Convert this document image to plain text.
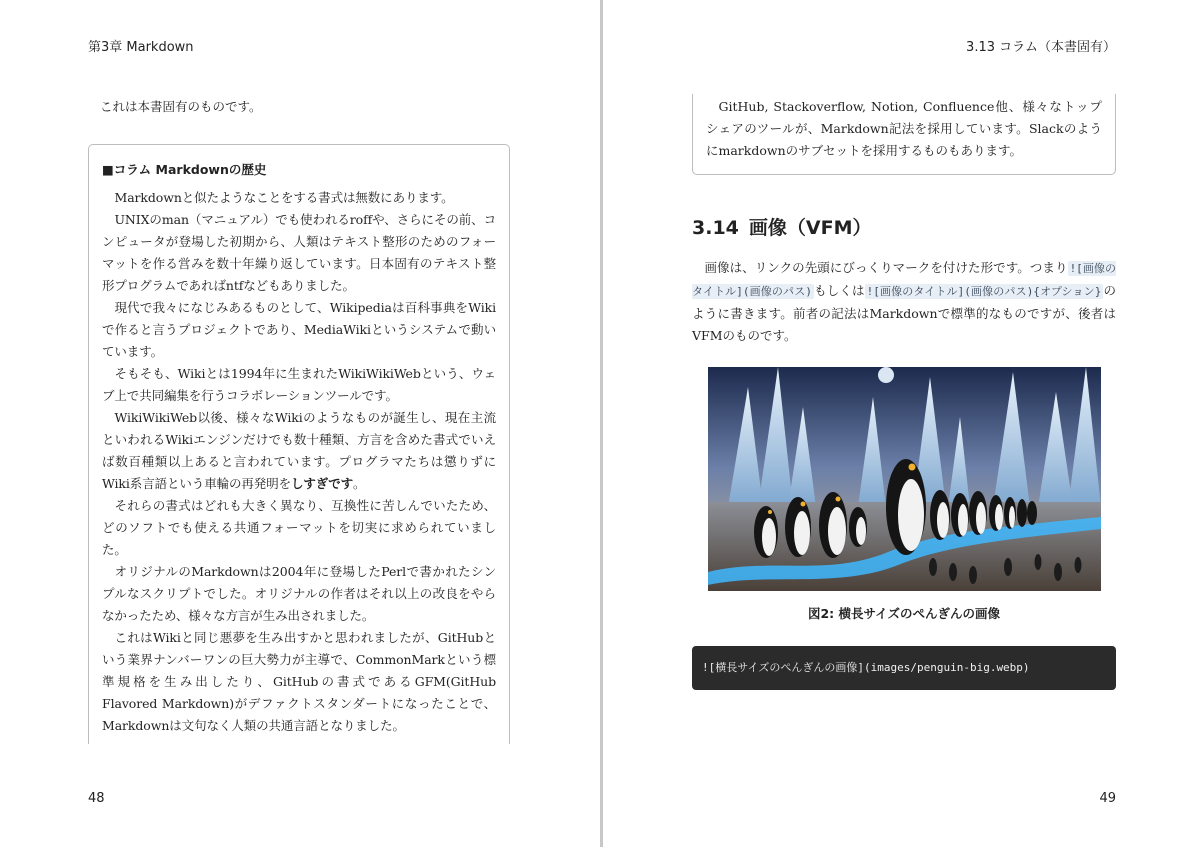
第3章 Markdown
これは本書固有のものです。
■コラム Markdownの歴史

Markdownと似たようなことをする書式は無数にあります。

UNIXのman（マニュアル）でも使われるroffや、さらにその前、コンピュータが登場した初期から、人類はテキスト整形のためのフォーマットを作る営みを数十年繰り返しています。日本固有のテキスト整形プログラムであればntfなどもありました。

現代で我々になじみあるものとして、Wikipediaは百科事典をWikiで作ると言うプロジェクトであり、MediaWikiというシステムで動いています。

そもそも、Wikiとは1994年に生まれたWikiWikiWebという、ウェブ上で共同編集を行うコラボレーションツールです。

WikiWikiWeb以後、様々なWikiのようなものが誕生し、現在主流といわれるWikiエンジンだけでも数十種類、方言を含めた書式でいえば数百種類以上あると言われています。プログラマたちは懲りずにWiki系言語という車輪の再発明をしすぎです。

それらの書式はどれも大きく異なり、互換性に苦しんでいたため、どのソフトでも使える共通フォーマットを切実に求められていました。

オリジナルのMarkdownは2004年に登場したPerlで書かれたシンプルなスクリプトでした。オリジナルの作者はそれ以上の改良をやらなかったため、様々な方言が生み出されました。

これはWikiと同じ悪夢を生み出すかと思われましたが、GitHubという業界ナンバーワンの巨大勢力が主導で、CommonMarkという標準規格を生み出したり、GitHubの書式であるGFM(GitHub Flavored Markdown)がデファクトスタンダートになったことで、Markdownは文句なく人類の共通言語となりました。

48
3.13 コラム（本書固有）

GitHub, Stackoverflow, Notion, Confluence他、様々なトップシェアのツールが、Markdown記法を採用しています。Slackのようにmarkdownのサブセットを採用するものもあります。

3.14 画像（VFM）

画像は、リンクの先頭にびっくりマークを付けた形です。つまり ![画像のタイトル](画像のパス) もしくは ![画像のタイトル](画像のパス){オプション} のように書きます。前者の記法はMarkdownで標準的なものですが、後者はVFMのものです。

図2: 横長サイズのぺんぎんの画像
![横長サイズのぺんぎんの画像](images/penguin-big.webp)
49
